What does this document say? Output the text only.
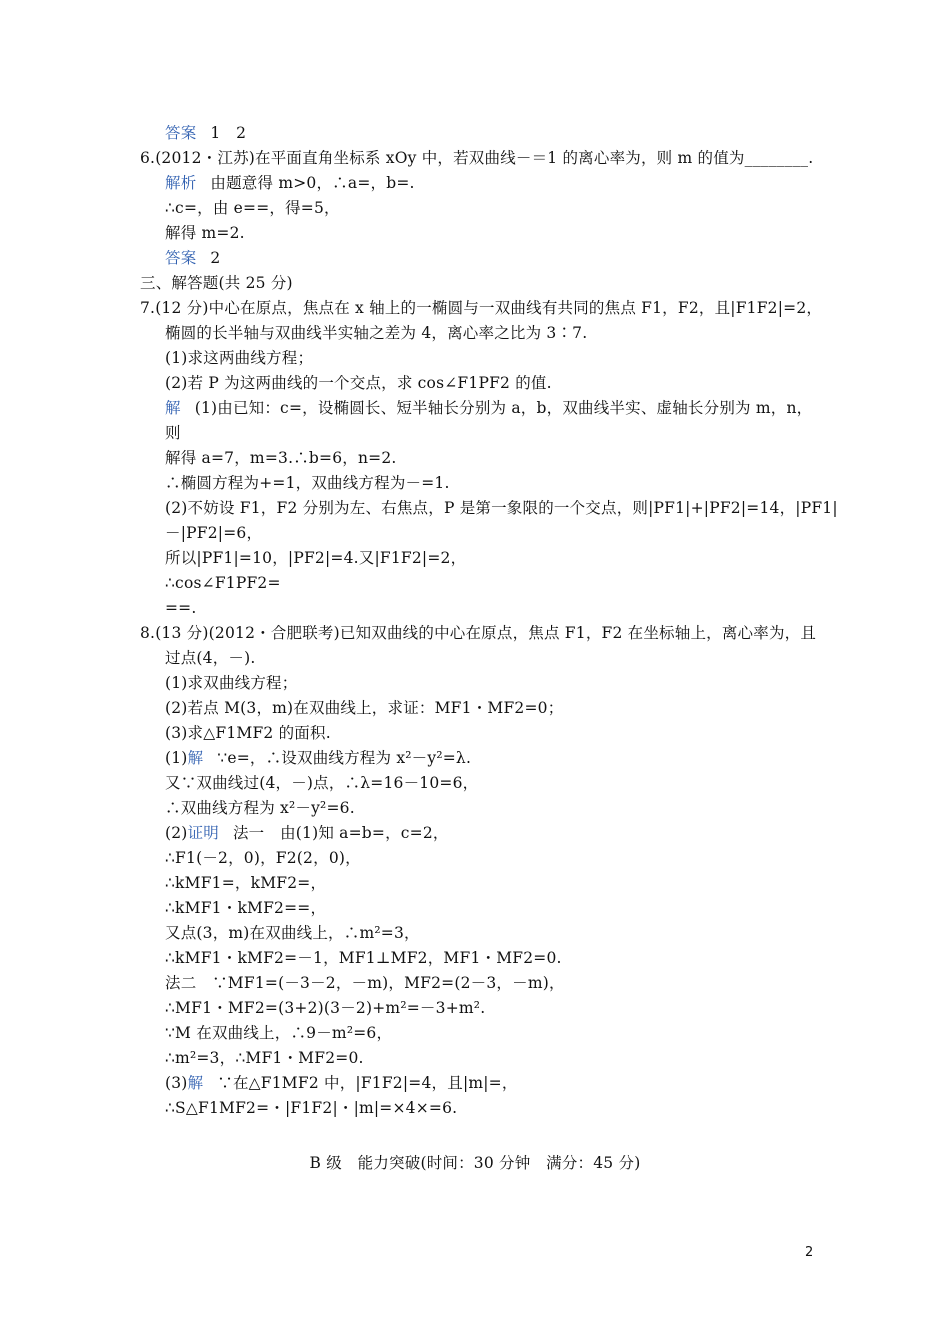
答案 1　2
6.(2012・江苏)在平面直角坐标系 xOy 中，若双曲线－＝1 的离心率为，则 m 的值为________.
解析 由题意得 m>0，∴a=，b=.
∴c=，由 e==，得=5，
解得 m=2.
答案 2
三、解答题(共 25 分)
7.(12 分)中心在原点，焦点在 x 轴上的一椭圆与一双曲线有共同的焦点 F1，F2，且|F1F2|=2，
椭圆的长半轴与双曲线半实轴之差为 4，离心率之比为 3∶7.
(1)求这两曲线方程；
(2)若 P 为这两曲线的一个交点，求 cos∠F1PF2 的值.
解 (1)由已知：c=，设椭圆长、短半轴长分别为 a，b，双曲线半实、虚轴长分别为 m，n，
则
解得 a=7，m=3.∴b=6，n=2.
∴椭圆方程为+=1，双曲线方程为－=1.
(2)不妨设 F1，F2 分别为左、右焦点，P 是第一象限的一个交点，则|PF1|+|PF2|=14，|PF1|
－|PF2|=6，
所以|PF1|=10，|PF2|=4.又|F1F2|=2，
∴cos∠F1PF2=
==.
8.(13 分)(2012・合肥联考)已知双曲线的中心在原点，焦点 F1，F2 在坐标轴上，离心率为，且
过点(4，－).
(1)求双曲线方程；
(2)若点 M(3，m)在双曲线上，求证：MF1・MF2=0；
(3)求△F1MF2 的面积.
(1)解 ∵e=，∴设双曲线方程为 x²－y²=λ.
又∵双曲线过(4，－)点，∴λ=16－10=6，
∴双曲线方程为 x²－y²=6.
(2)证明 法一　由(1)知 a=b=，c=2，
∴F1(－2，0)，F2(2，0)，
∴kMF1=，kMF2=，
∴kMF1・kMF2==，
又点(3，m)在双曲线上，∴m²=3，
∴kMF1・kMF2=－1，MF1⊥MF2，MF1・MF2=0.
法二　∵MF1=(－3－2，－m)，MF2=(2－3，－m)，
∴MF1・MF2=(3+2)(3－2)+m²=－3+m².
∵M 在双曲线上，∴9－m²=6，
∴m²=3，∴MF1・MF2=0.
(3)解 ∵在△F1MF2 中，|F1F2|=4，且|m|=，
∴S△F1MF2=・|F1F2|・|m|=×4×=6.
B 级　能力突破(时间：30 分钟　满分：45 分)
2
